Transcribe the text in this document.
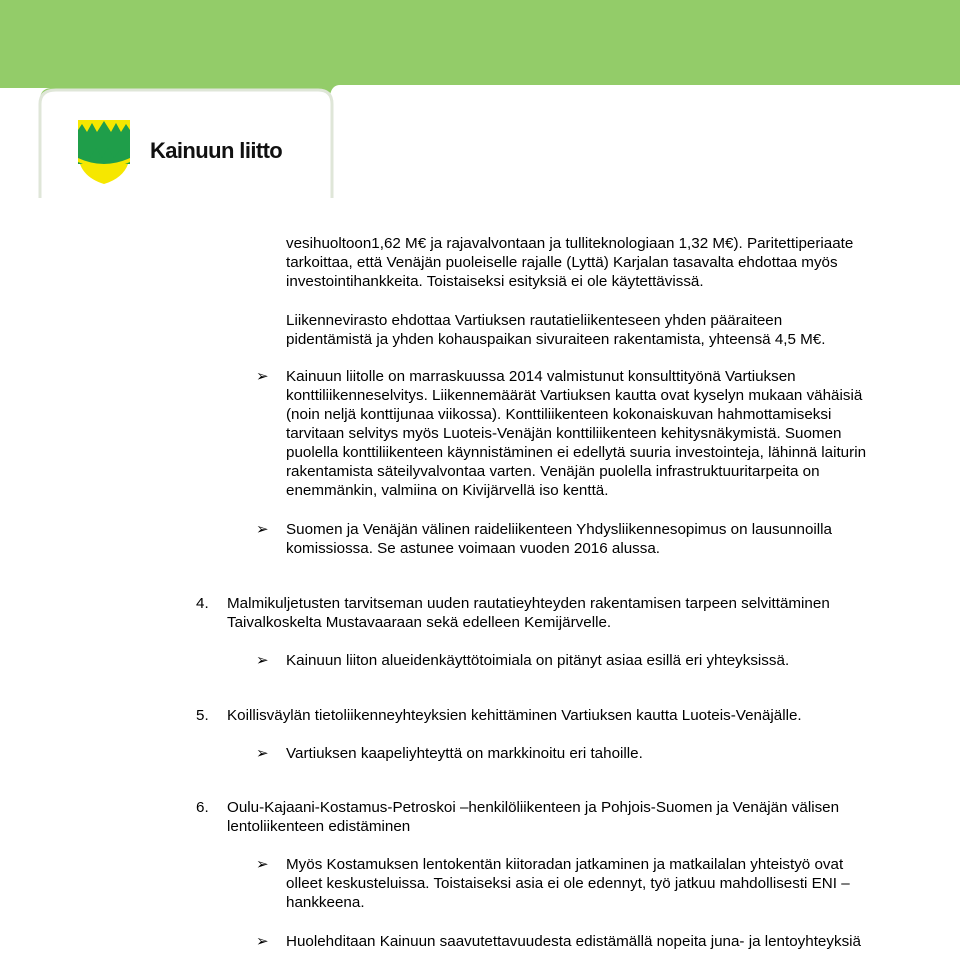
Kainuun liitto
vesihuoltoon1,62 M€ ja rajavalvontaan ja tulliteknologiaan 1,32 M€). Paritettiperiaate
tarkoittaa, että Venäjän puoleiselle rajalle (Lyttä) Karjalan tasavalta ehdottaa myös
investointihankkeita. Toistaiseksi esityksiä ei ole käytettävissä.
Liikennevirasto ehdottaa Vartiuksen rautatieliikenteseen yhden pääraiteen
pidentämistä ja yhden kohauspaikan sivuraiteen rakentamista, yhteensä 4,5 M€.
➢ Kainuun liitolle on marraskuussa 2014 valmistunut konsulttityönä Vartiuksen
konttiliikenneselvitys. Liikennemäärät Vartiuksen kautta ovat kyselyn mukaan vähäisiä
(noin neljä konttijunaa viikossa). Konttiliikenteen kokonaiskuvan hahmottamiseksi
tarvitaan selvitys myös Luoteis-Venäjän konttiliikenteen kehitysnäkymistä. Suomen
puolella konttiliikenteen käynnistäminen ei edellytä suuria investointeja, lähinnä laiturin
rakentamista säteilyvalvontaa varten. Venäjän puolella infrastruktuuritarpeita on
enemmänkin, valmiina on Kivijärvellä iso kenttä.
➢ Suomen ja Venäjän välinen raideliikenteen Yhdysliikennesopimus on lausunnoilla
komissiossa. Se astunee voimaan vuoden 2016 alussa.
4. Malmikuljetusten tarvitseman uuden rautatieyhteyden rakentamisen tarpeen selvittäminen
Taivalkoskelta Mustavaaraan sekä edelleen Kemijärvelle.
➢ Kainuun liiton alueidenkäyttötoimiala on pitänyt asiaa esillä eri yhteyksissä.
5. Koillisväylän tietoliikenneyhteyksien kehittäminen Vartiuksen kautta Luoteis-Venäjälle.
➢ Vartiuksen kaapeliyhteyttä on markkinoitu eri tahoille.
6. Oulu-Kajaani-Kostamus-Petroskoi –henkilöliikenteen ja Pohjois-Suomen ja Venäjän välisen
lentoliikenteen edistäminen
➢ Myös Kostamuksen lentokentän kiitoradan jatkaminen ja matkailalan yhteistyö ovat
olleet keskusteluissa. Toistaiseksi asia ei ole edennyt, työ jatkuu mahdollisesti ENI –
hankkeena.
➢ Huolehditaan Kainuun saavutettavuudesta edistämällä nopeita juna- ja lentoyhteyksiä
